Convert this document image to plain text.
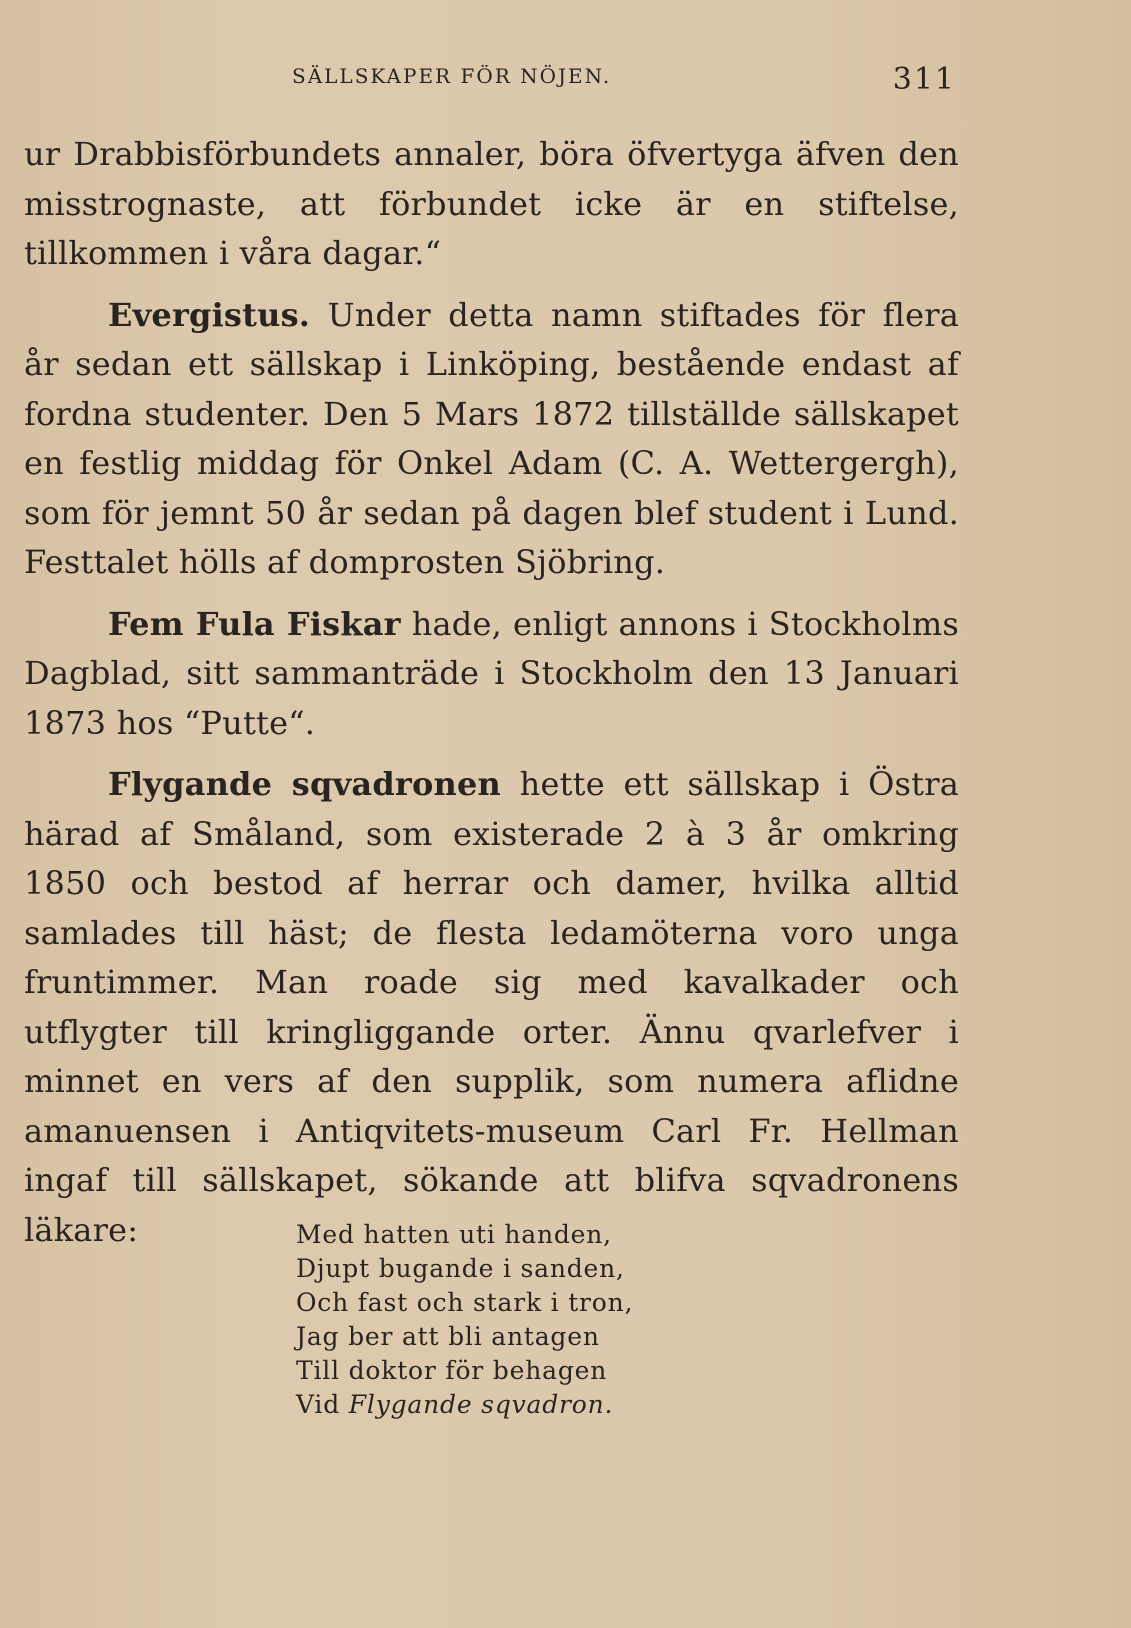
SÄLLSKAPER FÖR NÖJEN.	311

ur Drabbisförbundets annaler, böra öfvertyga äfven den misstrognaste, att förbundet icke är en stiftelse, tillkommen i våra dagar.“

Evergistus. Under detta namn stiftades för flera år sedan ett sällskap i Linköping, bestående endast af fordna studenter. Den 5 Mars 1872 tillställde sällskapet en festlig middag för Onkel Adam (C. A. Wettergergh), som för jemnt 50 år sedan på dagen blef student i Lund. Festtalet hölls af domprosten Sjöbring.

Fem Fula Fiskar hade, enligt annons i Stockholms Dagblad, sitt sammanträde i Stockholm den 13 Januari 1873 hos “Putte“.

Flygande sqvadronen hette ett sällskap i Östra härad af Småland, som existerade 2 à 3 år omkring 1850 och bestod af herrar och damer, hvilka alltid samlades till häst; de flesta ledamöterna voro unga fruntimmer. Man roade sig med kavalkader och utflygter till kringliggande orter. Ännu qvarlefver i minnet en vers af den supplik, som numera aflidne amanuensen i Antiqvitets-museum Carl Fr. Hellman ingaf till sällskapet, sökande att blifva sqvadronens läkare:	Med hatten uti handen,
Djupt bugande i sanden,
Och fast och stark i tron,
Jag ber att bli antagen
Till doktor för behagen
Vid Flygande sqvadron.
